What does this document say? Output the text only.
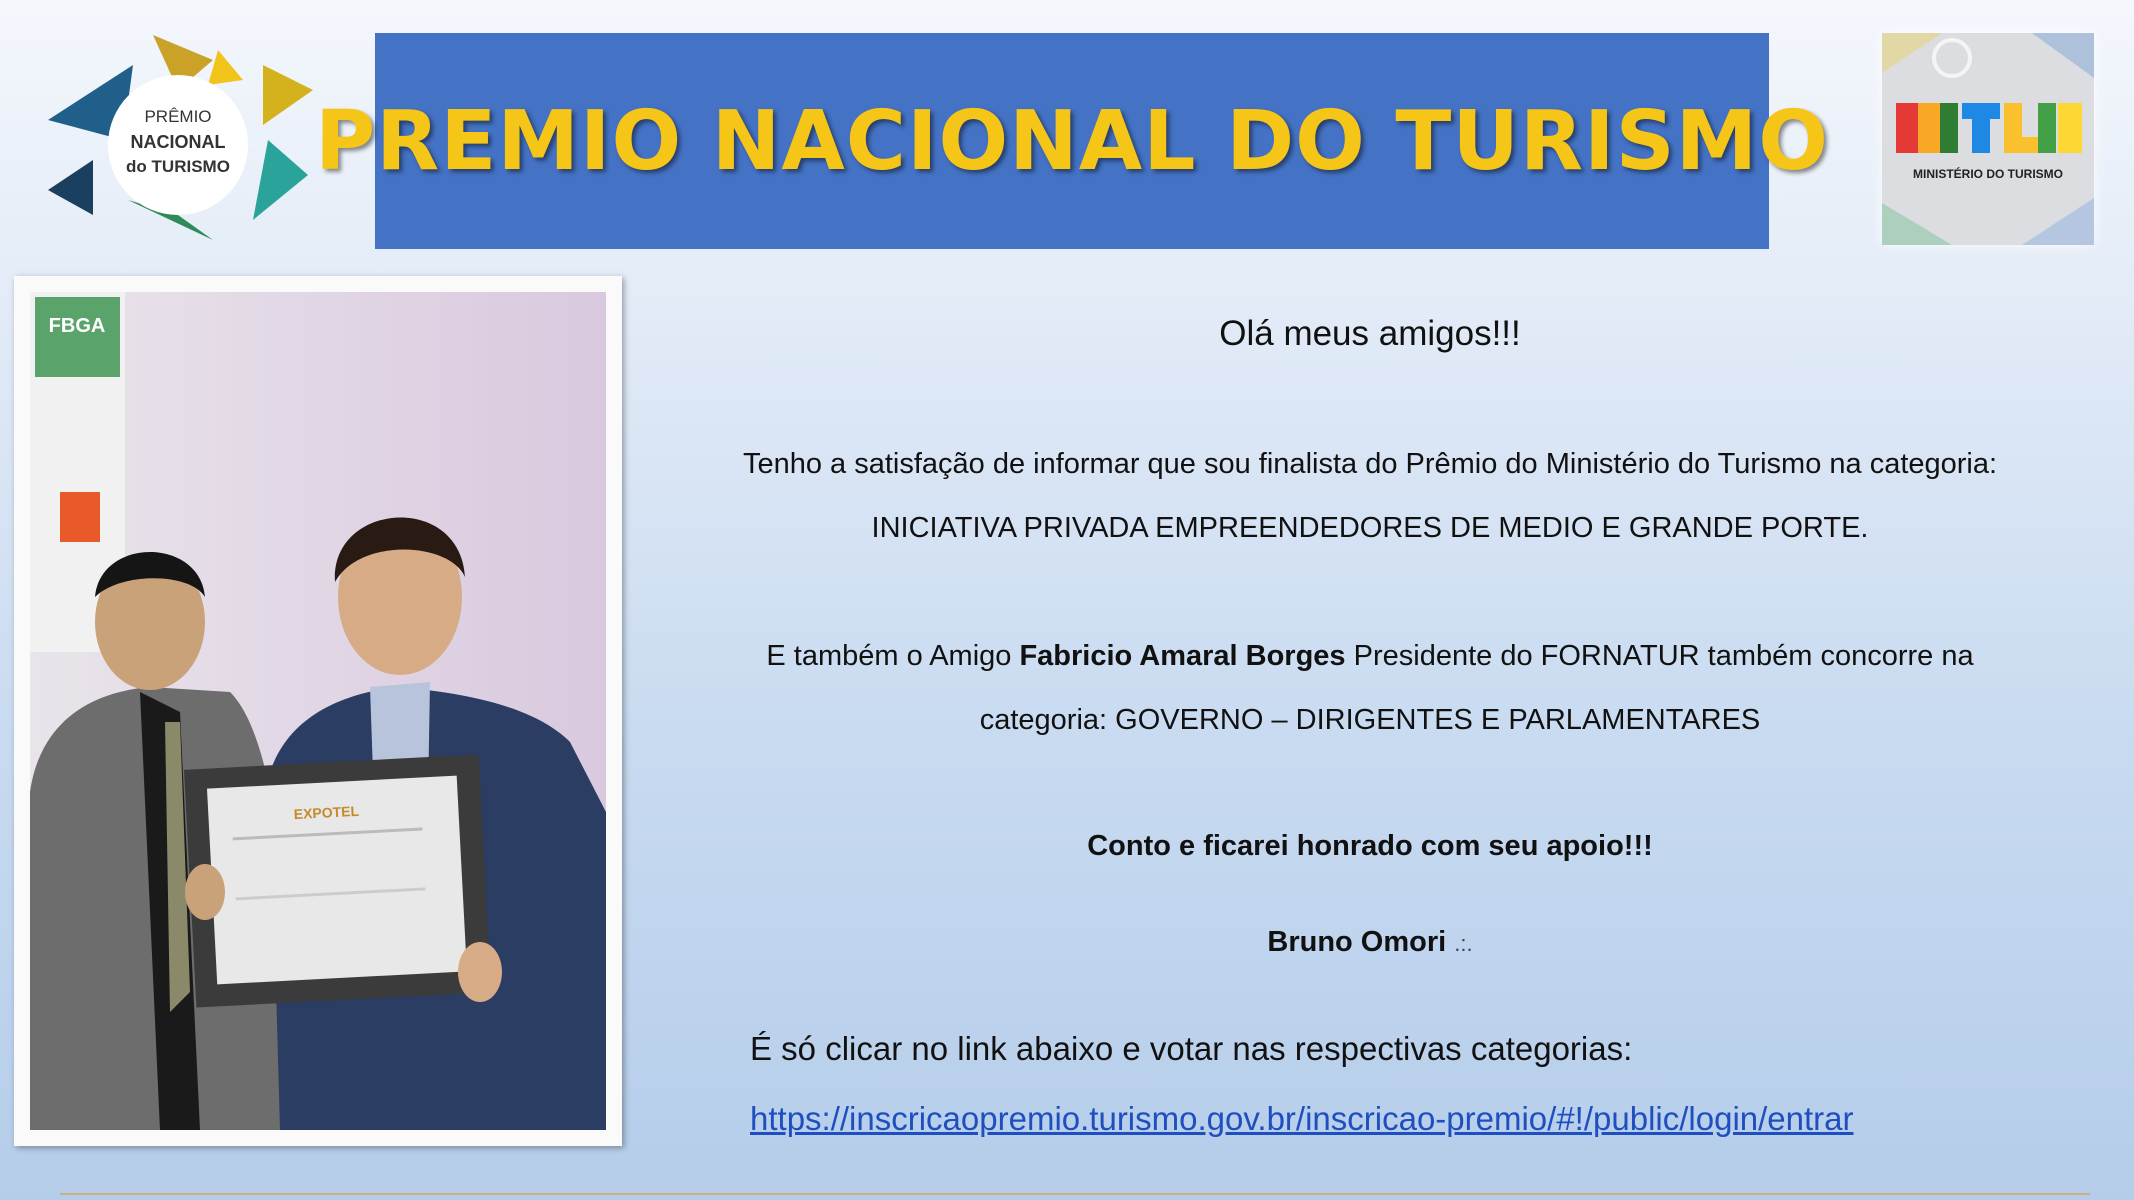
PRÊMIO
NACIONAL
do TURISMO PREMIO NACIONAL DO TURISMO	MINISTÉRIO DO TURISMO
FBGA
EXPOTEL
Olá meus amigos!!!
Tenho a satisfação de informar que sou finalista do Prêmio do Ministério do Turismo na categoria: INICIATIVA PRIVADA EMPREENDEDORES DE MEDIO E GRANDE PORTE.
E também o Amigo Fabricio Amaral Borges Presidente do FORNATUR também concorre na categoria: GOVERNO – DIRIGENTES E PARLAMENTARES
Conto e ficarei honrado com seu apoio!!!
Bruno Omori .:.
É só clicar no link abaixo e votar nas respectivas categorias:
https://inscricaopremio.turismo.gov.br/inscricao-premio/#!/public/login/entrar
